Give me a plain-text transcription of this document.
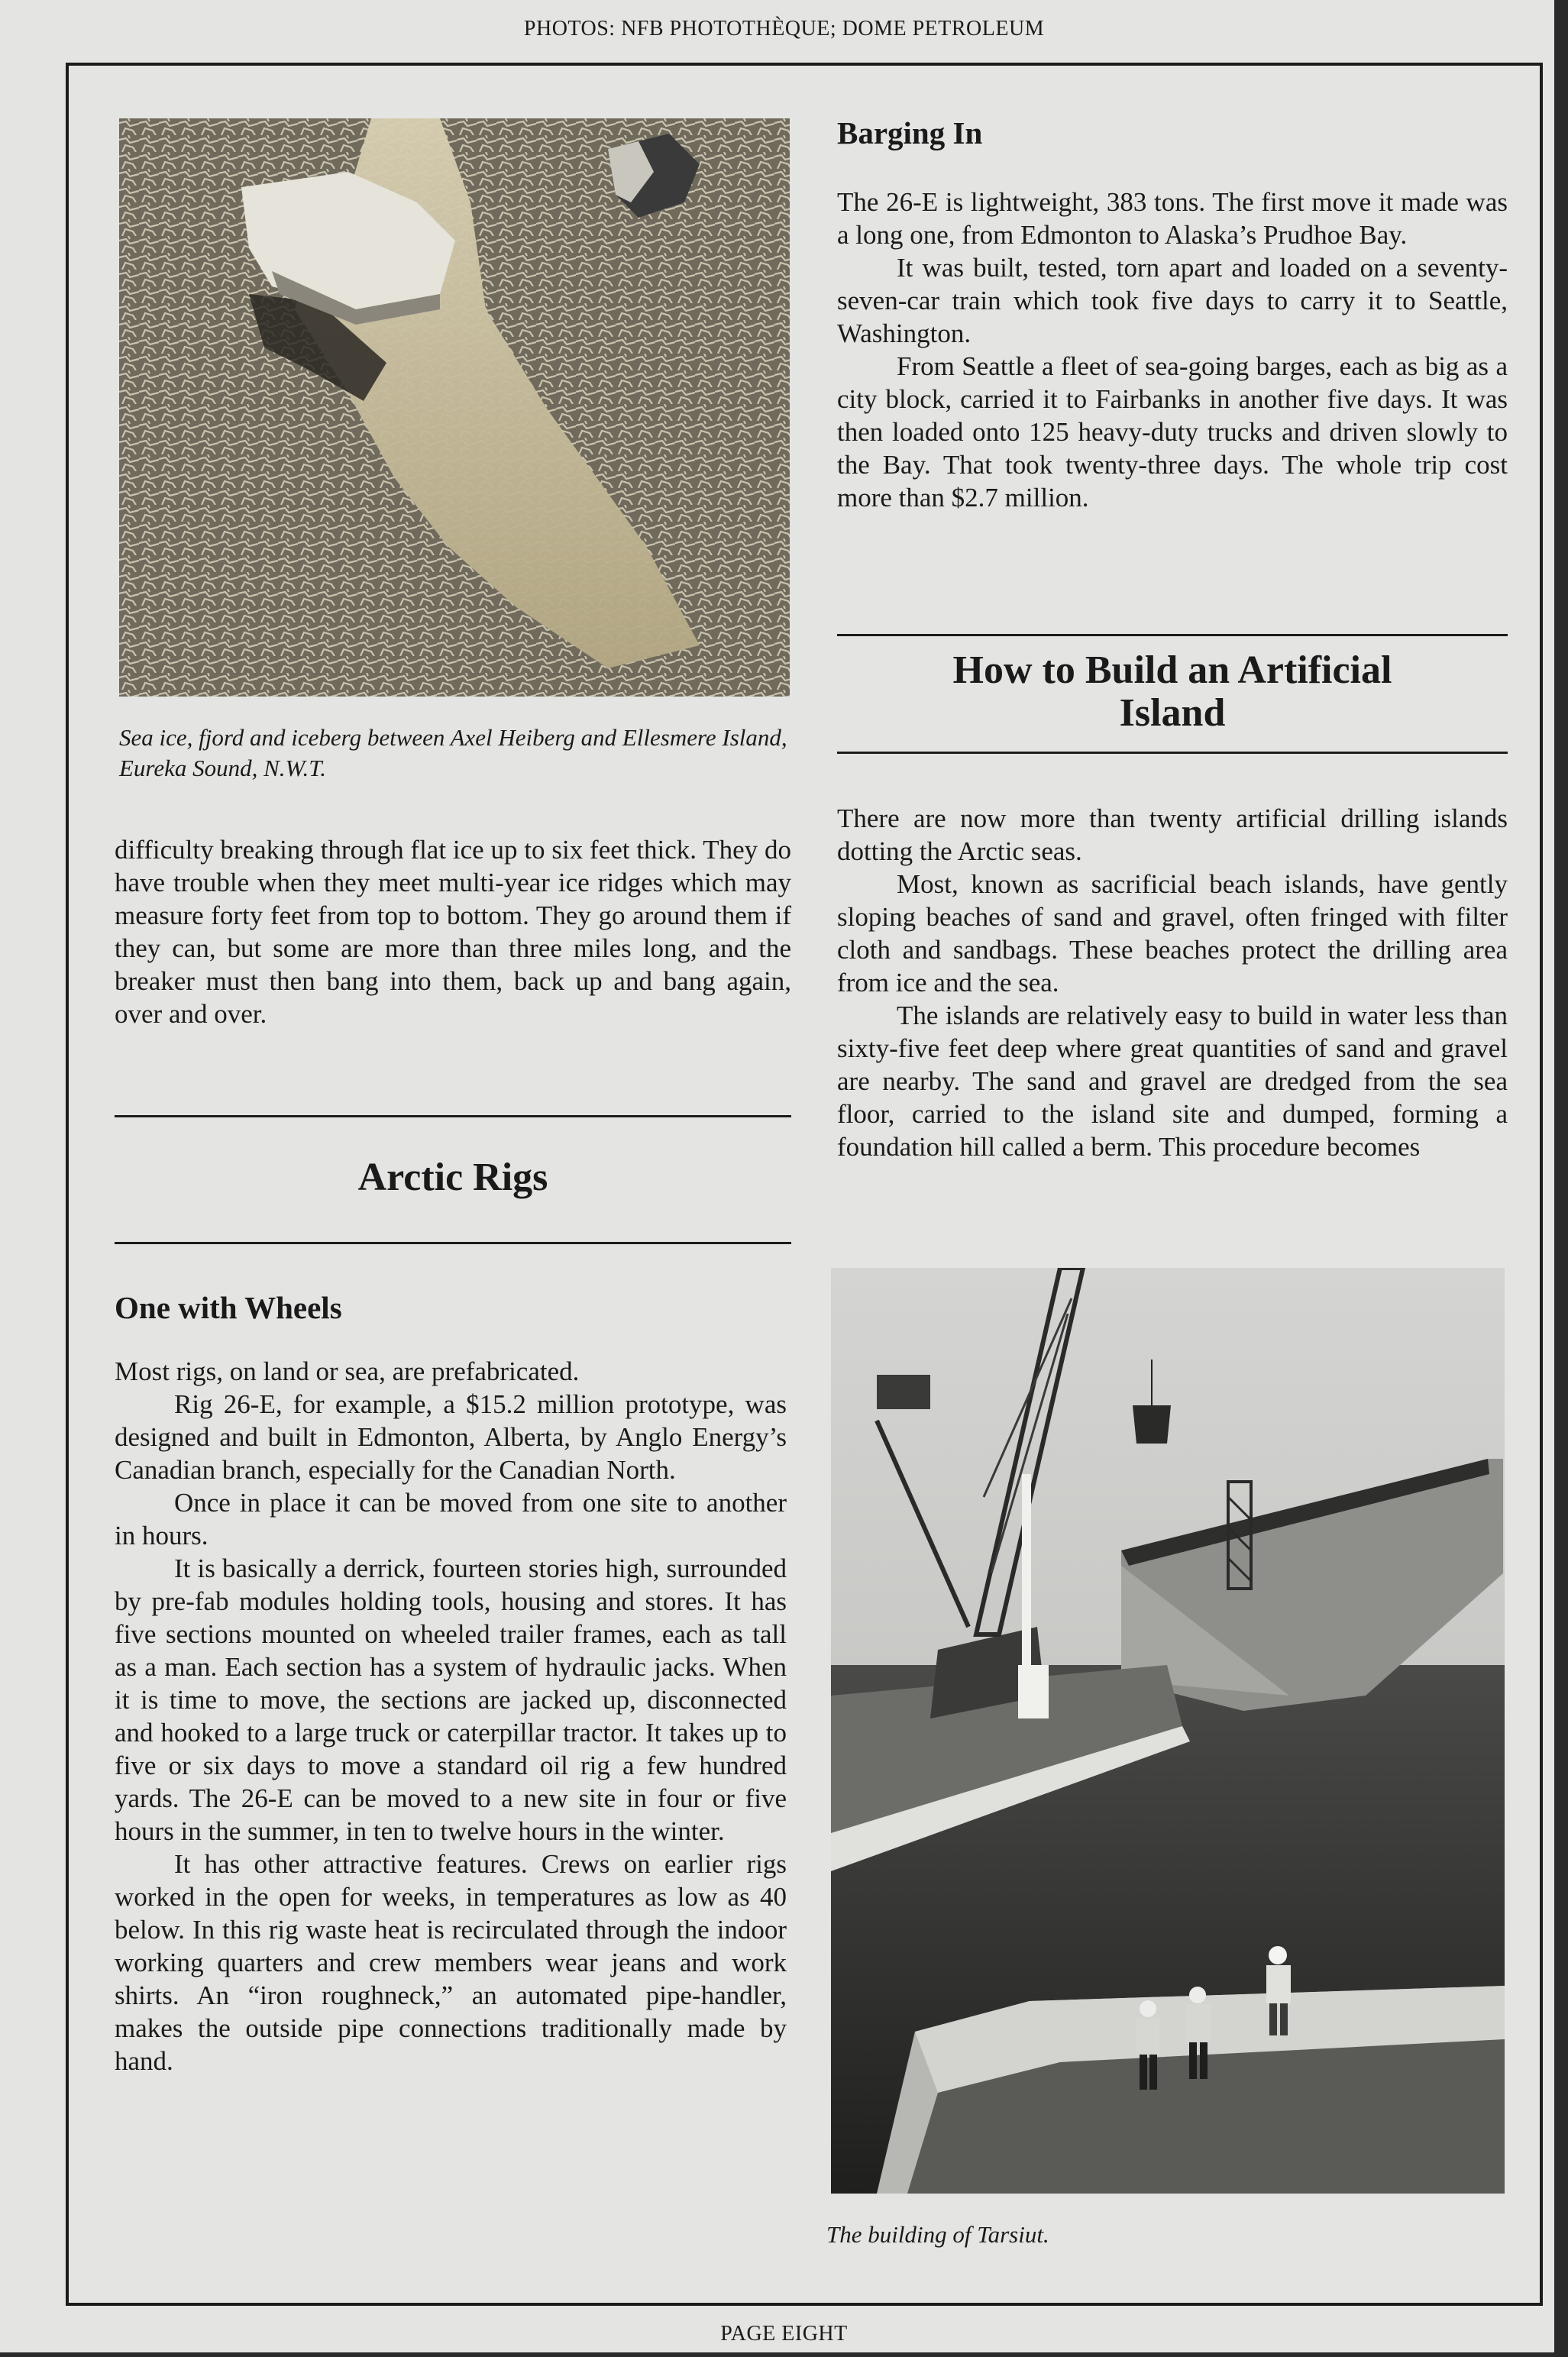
PHOTOS: NFB PHOTOTHÈQUE; DOME PETROLEUM
Sea ice, fjord and iceberg between Axel Heiberg and Ellesmere Island, Eureka Sound, N.W.T.

difficulty breaking through flat ice up to six feet thick. They do have trouble when they meet multi-year ice ridges which may measure forty feet from top to bottom. They go around them if they can, but some are more than three miles long, and the breaker must then bang into them, back up and bang again, over and over.

Arctic Rigs
One with Wheels

Most rigs, on land or sea, are prefabricated.

Rig 26-E, for example, a $15.2 million prototype, was designed and built in Edmonton, Alberta, by Anglo Energy’s Canadian branch, especially for the Canadian North.

Once in place it can be moved from one site to another in hours.

It is basically a derrick, fourteen stories high, surrounded by pre-fab modules holding tools, housing and stores. It has five sections mounted on wheeled trailer frames, each as tall as a man. Each section has a system of hydraulic jacks. When it is time to move, the sections are jacked up, disconnected and hooked to a large truck or caterpillar tractor. It takes up to five or six days to move a standard oil rig a few hundred yards. The 26-E can be moved to a new site in four or five hours in the summer, in ten to twelve hours in the winter.

It has other attractive features. Crews on earlier rigs worked in the open for weeks, in temperatures as low as 40 below. In this rig waste heat is recirculated through the indoor working quarters and crew members wear jeans and work shirts. An “iron roughneck,” an automated pipe-handler, makes the outside pipe connections traditionally made by hand.

Barging In

The 26-E is lightweight, 383 tons. The first move it made was a long one, from Edmonton to Alaska’s Prudhoe Bay.

It was built, tested, torn apart and loaded on a seventy-seven-car train which took five days to carry it to Seattle, Washington.

From Seattle a fleet of sea-going barges, each as big as a city block, carried it to Fairbanks in another five days. It was then loaded onto 125 heavy-duty trucks and driven slowly to the Bay. That took twenty-three days. The whole trip cost more than $2.7 million.

How to Build an Artificial
Island

There are now more than twenty artificial drilling islands dotting the Arctic seas.

Most, known as sacrificial beach islands, have gently sloping beaches of sand and gravel, often fringed with filter cloth and sandbags. These beaches protect the drilling area from ice and the sea.

The islands are relatively easy to build in water less than sixty-five feet deep where great quantities of sand and gravel are nearby. The sand and gravel are dredged from the sea floor, carried to the island site and dumped, forming a foundation hill called a berm. This procedure becomes

The building of Tarsiut.
PAGE EIGHT
